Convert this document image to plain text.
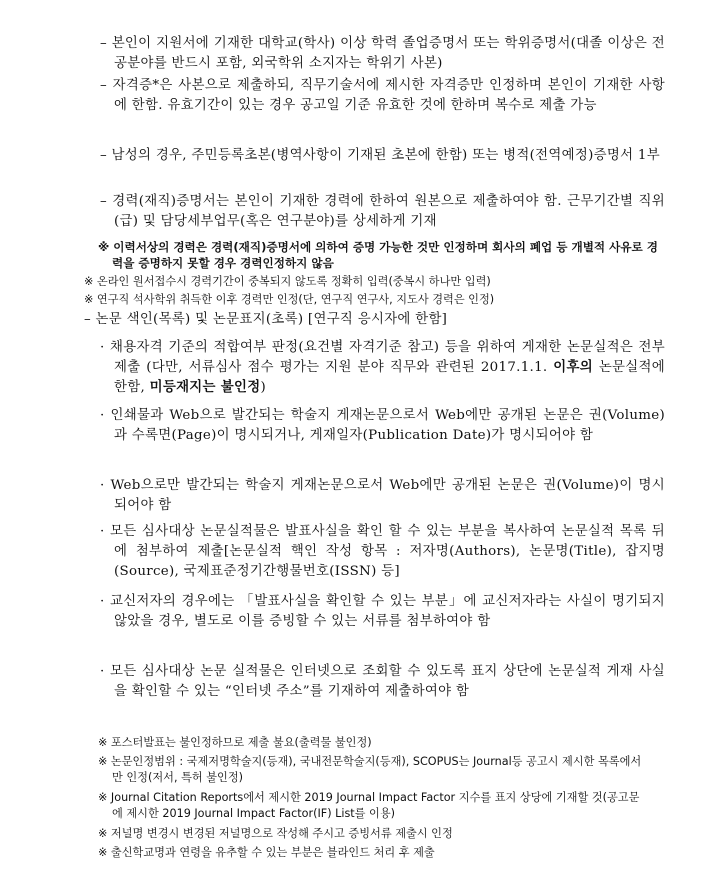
– 본인이 지원서에 기재한 대학교(학사) 이상 학력 졸업증명서 또는 학위증명서(대졸 이상은 전공분야를 반드시 포함, 외국학위 소지자는 학위기 사본)
– 자격증*은 사본으로 제출하되, 직무기술서에 제시한 자격증만 인정하며 본인이 기재한 사항에 한함. 유효기간이 있는 경우 공고일 기준 유효한 것에 한하며 복수로 제출 가능
– 남성의 경우, 주민등록초본(병역사항이 기재된 초본에 한함) 또는 병적(전역예정)증명서 1부
– 경력(재직)증명서는 본인이 기재한 경력에 한하여 원본으로 제출하여야 함. 근무기간별 직위(급) 및 담당세부업무(혹은 연구분야)를 상세하게 기재
※ 이력서상의 경력은 경력(재직)증명서에 의하여 증명 가능한 것만 인정하며 회사의 폐업 등 개별적 사유로 경력을 증명하지 못할 경우 경력인정하지 않음
※ 온라인 원서접수시 경력기간이 중복되지 않도록 정확히 입력(중복시 하나만 입력)
※ 연구직 석사학위 취득한 이후 경력만 인정(단, 연구직 연구사, 지도사 경력은 인정)
– 논문 색인(목록) 및 논문표지(초록) [연구직 응시자에 한함]
· 채용자격 기준의 적합여부 판정(요건별 자격기준 참고) 등을 위하여 게재한 논문실적은 전부 제출 (다만, 서류심사 점수 평가는 지원 분야 직무와 관련된 2017.1.1. 이후의 논문실적에 한함, 미등재지는 불인정)
· 인쇄물과 Web으로 발간되는 학술지 게재논문으로서 Web에만 공개된 논문은 권(Volume)과 수록면(Page)이 명시되거나, 게재일자(Publication Date)가 명시되어야 함
· Web으로만 발간되는 학술지 게재논문으로서 Web에만 공개된 논문은 권(Volume)이 명시되어야 함
· 모든 심사대상 논문실적물은 발표사실을 확인 할 수 있는 부분을 복사하여 논문실적 목록 뒤에 첨부하여 제출[논문실적 핵인 작성 항목 : 저자명(Authors), 논문명(Title), 잡지명(Source), 국제표준정기간행물번호(ISSN) 등]
· 교신저자의 경우에는 「발표사실을 확인할 수 있는 부분」에 교신저자라는 사실이 명기되지 않았을 경우, 별도로 이를 증빙할 수 있는 서류를 첨부하여야 함
· 모든 심사대상 논문 실적물은 인터넷으로 조회할 수 있도록 표지 상단에 논문실적 게재 사실을 확인할 수 있는 “인터넷 주소”를 기재하여 제출하여야 함
※ 포스터발표는 불인정하므로 제출 불요(출력물 불인정)
※ 논문인정범위 : 국제저명학술지(등재), 국내전문학술지(등재), SCOPUS는 Journal등 공고시 제시한 목록에서만 인정(저서, 특허 불인정)
※ Journal Citation Reports에서 제시한 2019 Journal Impact Factor 지수를 표지 상당에 기재할 것(공고문에 제시한 2019 Journal Impact Factor(IF) List를 이용)
※ 저널명 변경시 변경된 저널명으로 작성해 주시고 증빙서류 제출시 인정
※ 출신학교명과 연령을 유추할 수 있는 부분은 블라인드 처리 후 제출
